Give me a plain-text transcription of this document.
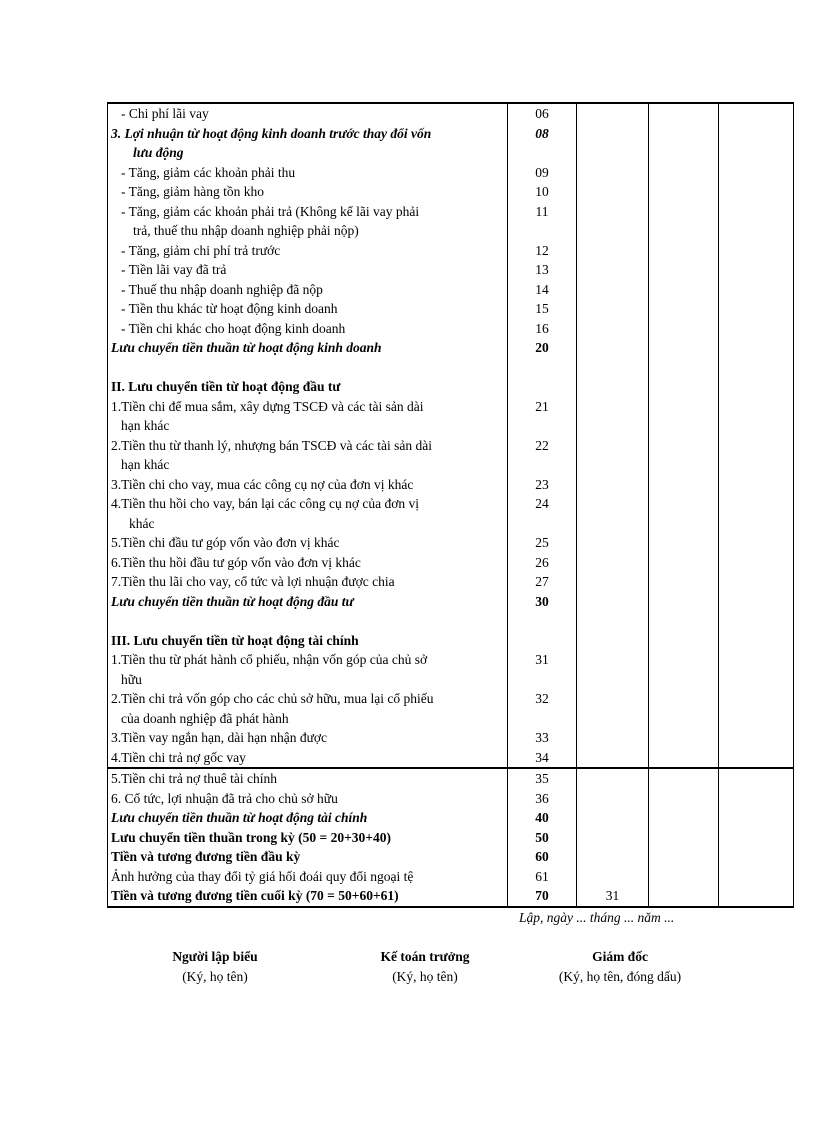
- Chi phí lãi vay	06			

3. Lợi nhuận từ hoạt động kinh doanh trước thay đổi vốn
lưu động	08			

- Tăng, giảm các khoản phải thu	09			

- Tăng, giảm hàng tồn kho	10			

- Tăng, giảm các khoản phải trả (Không kể lãi vay phải
trả, thuế thu nhập doanh nghiệp phải nộp)	11			

- Tăng, giảm chi phí trả trước	12			

- Tiền lãi vay đã trả	13			

- Thuế thu nhập doanh nghiệp đã nộp	14			

- Tiền thu khác từ hoạt động kinh doanh	15			

- Tiền chi khác cho hoạt động kinh doanh	16			

Lưu chuyển tiền thuần từ hoạt động kinh doanh	20			

II. Lưu chuyển tiền từ hoạt động đầu tư				

1.Tiền chi để mua sắm, xây dựng TSCĐ và các tài sản dài
hạn khác	21			

2.Tiền thu từ thanh lý, nhượng bán TSCĐ và các tài sản dài
hạn khác	22			

3.Tiền chi cho vay, mua các công cụ nợ của đơn vị khác	23			

4.Tiền thu hồi cho vay, bán lại các công cụ nợ của đơn vị
khác	24			

5.Tiền chi đầu tư góp vốn vào đơn vị khác	25			

6.Tiền thu hồi đầu tư góp vốn vào đơn vị khác	26			

7.Tiền thu lãi cho vay, cổ tức và lợi nhuận được chia	27			

Lưu chuyển tiền thuần từ hoạt động đầu tư	30			

III. Lưu chuyển tiền từ hoạt động tài chính				

1.Tiền thu từ phát hành cổ phiếu, nhận vốn góp của chủ sở
hữu	31			

2.Tiền chi trả vốn góp cho các chủ sở hữu, mua lại cổ phiếu
của doanh nghiệp đã phát hành	32			

3.Tiền vay ngắn hạn, dài hạn nhận được	33			

4.Tiền chi trả nợ gốc vay	34			

5.Tiền chi trả nợ thuê tài chính	35			

6. Cổ tức, lợi nhuận đã trả cho chủ sở hữu	36			

Lưu chuyển tiền thuần từ hoạt động tài chính	40			

Lưu chuyển tiền thuần trong kỳ (50 = 20+30+40)	50			

Tiền và tương đương tiền đầu kỳ	60			

Ảnh hưởng của thay đổi tỷ giá hối đoái quy đổi ngoại tệ	61			

Tiền và tương đương tiền cuối kỳ (70 = 50+60+61)	70	31		
Lập, ngày ... tháng ... năm ...
Người lập biểu
(Ký, họ tên)
Kế toán trưởng
(Ký, họ tên)
Giám đốc
(Ký, họ tên, đóng dấu)
